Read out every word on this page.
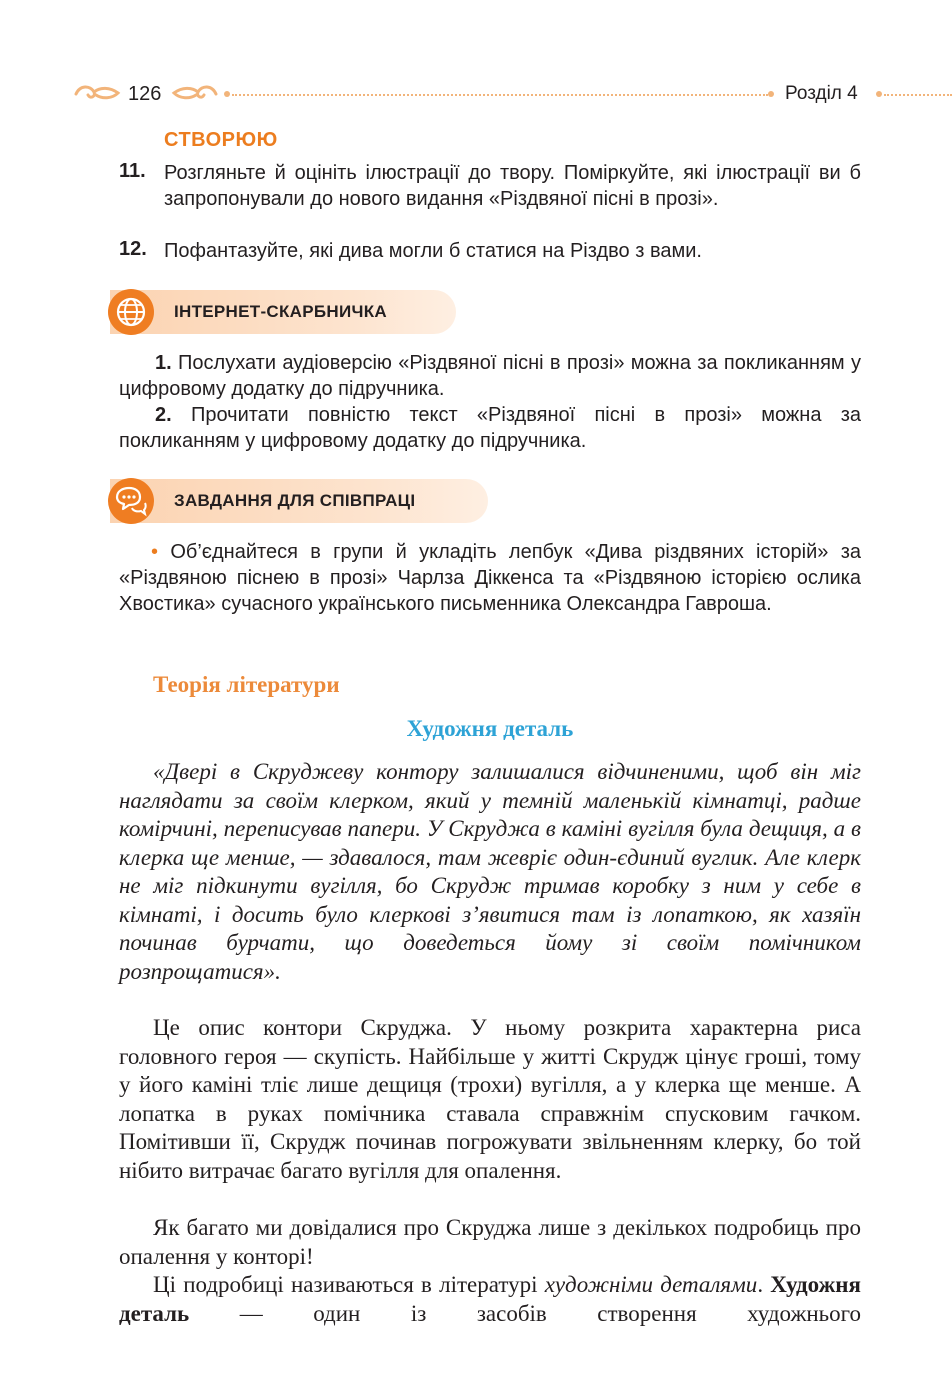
126	Розділ 4
СТВОРЮЮ
11. Розгляньте й оцініть ілюстрації до твору. Поміркуйте, які ілюстрації ви б запропонували до нового видання «Різдвяної пісні в прозі».
12. Пофантазуйте, які дива могли б статися на Різдво з вами.
ІНТЕРНЕТ-СКАРБНИЧКА
1. Послухати аудіоверсію «Різдвяної пісні в прозі» можна за покликанням у цифровому додатку до підручника.
2. Прочитати повністю текст «Різдвяної пісні в прозі» можна за покликанням у цифровому додатку до підручника.
ЗАВДАННЯ ДЛЯ СПІВПРАЦІ
• Об’єднайтеся в групи й укладіть лепбук «Дива різдвяних історій» за «Різдвяною піснею в прозі» Чарлза Діккенса та «Різдвяною історією ослика Хвостика» сучасного українського письменника Олександра Гавроша.
Теорія літератури
Художня деталь
«Двері в Скруджеву контору залишалися відчиненими, щоб він міг наглядати за своїм клерком, який у темній маленькій кімнатці, радше комірчині, переписував папери. У Скруджа в каміні вугілля була дещиця, а в клерка ще менше, — здавалося, там жевріє один-єдиний вуглик. Але клерк не міг підкинути вугілля, бо Скрудж тримав коробку з ним у себе в кімнаті, і досить було клеркові з’явитися там із лопаткою, як хазяїн починав бурчати, що доведеться йому зі своїм помічником розпрощатися».
Це опис контори Скруджа. У ньому розкрита характерна риса головного героя — скупість. Найбільше у житті Скрудж цінує гроші, тому у його каміні тліє лише дещиця (трохи) вугілля, а у клерка ще менше. А лопатка в руках помічника ставала справжнім спусковим гачком. Помітивши її, Скрудж починав погрожувати звільненням клерку, бо той нібито витрачає багато вугілля для опалення.
Як багато ми довідалися про Скруджа лише з декількох подробиць про опалення у конторі!
Ці подробиці називаються в літературі художніми деталями. Художня деталь — один із засобів створення художнього
